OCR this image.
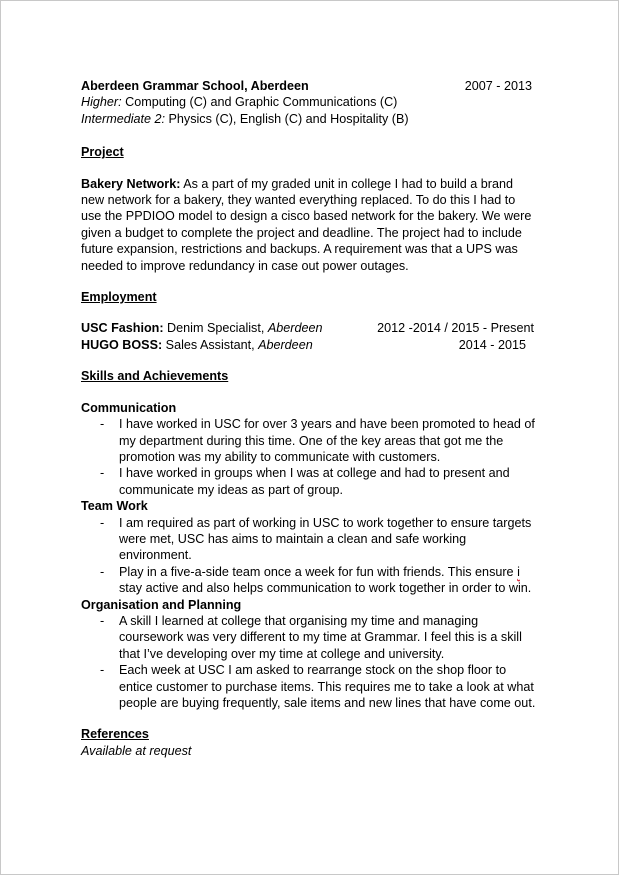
Aberdeen Grammar School, Aberdeen	2007 - 2013
Higher: Computing (C) and Graphic Communications (C)
Intermediate 2: Physics (C), English (C) and Hospitality (B)
Project
Bakery Network: As a part of my graded unit in college I had to build a brand new network for a bakery, they wanted everything replaced. To do this I had to use the PPDIOO model to design a cisco based network for the bakery. We were given a budget to complete the project and deadline. The project had to include future expansion, restrictions and backups. A requirement was that a UPS was needed to improve redundancy in case out power outages.
Employment
USC Fashion: Denim Specialist, Aberdeen	2012 -2014 / 2015 - Present
HUGO BOSS: Sales Assistant, Aberdeen	2014 - 2015
Skills and Achievements
Communication
- I have worked in USC for over 3 years and have been promoted to head of my department during this time. One of the key areas that got me the promotion was my ability to communicate with customers.
- I have worked in groups when I was at college and had to present and communicate my ideas as part of group.
Team Work
- I am required as part of working in USC to work together to ensure targets were met, USC has aims to maintain a clean and safe working environment.
- Play in a five-a-side team once a week for fun with friends. This ensure i stay active and also helps communication to work together in order to win.
Organisation and Planning
- A skill I learned at college that organising my time and managing coursework was very different to my time at Grammar. I feel this is a skill that I’ve developing over my time at college and university.
- Each week at USC I am asked to rearrange stock on the shop floor to entice customer to purchase items. This requires me to take a look at what people are buying frequently, sale items and new lines that have come out.
References
Available at request
